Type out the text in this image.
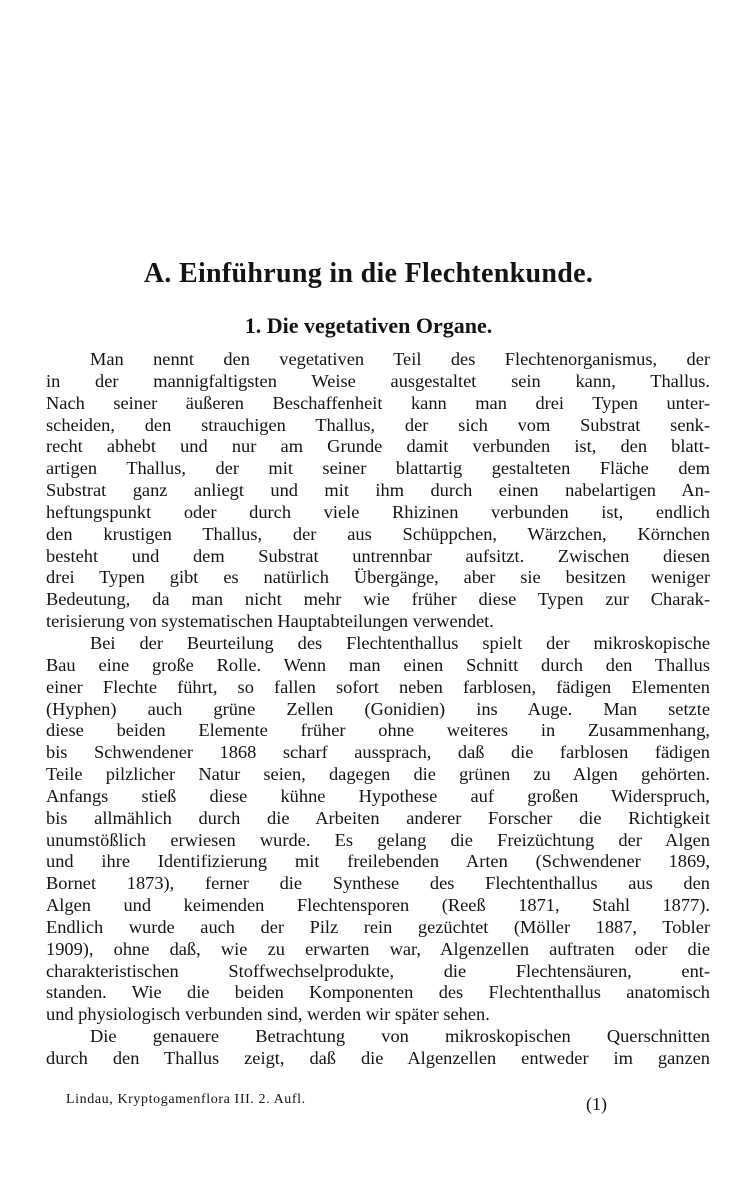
A. Einführung in die Flechtenkunde.
1. Die vegetativen Organe.
Man nennt den vegetativen Teil des Flechtenorganismus, der
in der mannigfaltigsten Weise ausgestaltet sein kann, Thallus.
Nach seiner äußeren Beschaffenheit kann man drei Typen unter-
scheiden, den strauchigen Thallus, der sich vom Substrat senk-
recht abhebt und nur am Grunde damit verbunden ist, den blatt-
artigen Thallus, der mit seiner blattartig gestalteten Fläche dem
Substrat ganz anliegt und mit ihm durch einen nabelartigen An-
heftungspunkt oder durch viele Rhizinen verbunden ist, endlich
den krustigen Thallus, der aus Schüppchen, Wärzchen, Körnchen
besteht und dem Substrat untrennbar aufsitzt. Zwischen diesen
drei Typen gibt es natürlich Übergänge, aber sie besitzen weniger
Bedeutung, da man nicht mehr wie früher diese Typen zur Charak-
terisierung von systematischen Hauptabteilungen verwendet.
Bei der Beurteilung des Flechtenthallus spielt der mikroskopische
Bau eine große Rolle. Wenn man einen Schnitt durch den Thallus
einer Flechte führt, so fallen sofort neben farblosen, fädigen Elementen
(Hyphen) auch grüne Zellen (Gonidien) ins Auge. Man setzte
diese beiden Elemente früher ohne weiteres in Zusammenhang,
bis Schwendener 1868 scharf aussprach, daß die farblosen fädigen
Teile pilzlicher Natur seien, dagegen die grünen zu Algen gehörten.
Anfangs stieß diese kühne Hypothese auf großen Widerspruch,
bis allmählich durch die Arbeiten anderer Forscher die Richtigkeit
unumstößlich erwiesen wurde. Es gelang die Freizüchtung der Algen
und ihre Identifizierung mit freilebenden Arten (Schwendener 1869,
Bornet 1873), ferner die Synthese des Flechtenthallus aus den
Algen und keimenden Flechtensporen (Reeß 1871, Stahl 1877).
Endlich wurde auch der Pilz rein gezüchtet (Möller 1887, Tobler
1909), ohne daß, wie zu erwarten war, Algenzellen auftraten oder die
charakteristischen Stoffwechselprodukte, die Flechtensäuren, ent-
standen. Wie die beiden Komponenten des Flechtenthallus anatomisch
und physiologisch verbunden sind, werden wir später sehen.
Die genauere Betrachtung von mikroskopischen Querschnitten
durch den Thallus zeigt, daß die Algenzellen entweder im ganzen
Lindau, Kryptogamenflora III. 2. Aufl.	(1)
